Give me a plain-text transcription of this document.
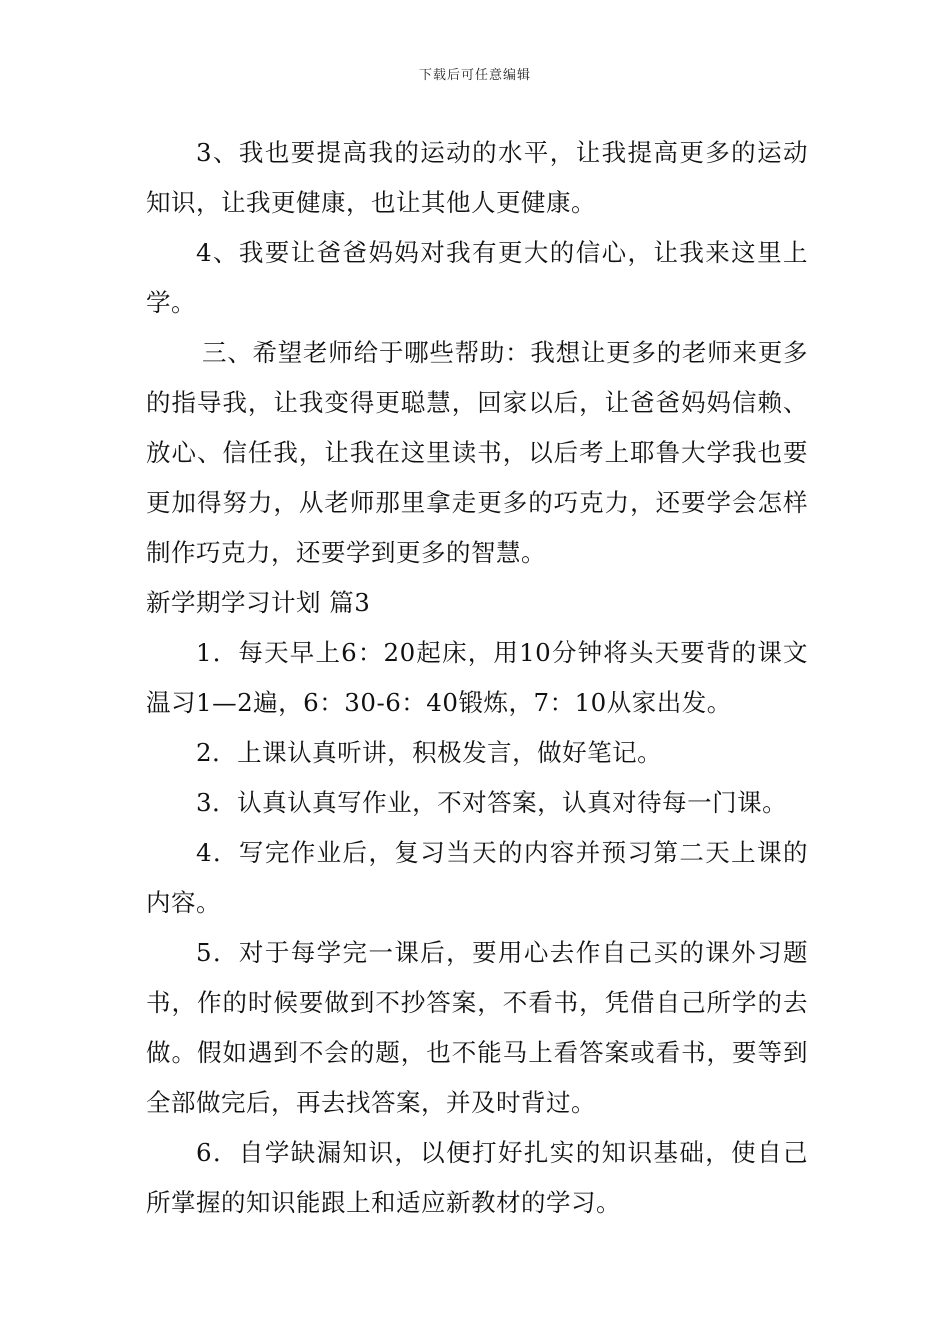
下载后可任意编辑

3、我也要提高我的运动的水平，让我提高更多的运动知识，让我更健康，也让其他人更健康。

4、我要让爸爸妈妈对我有更大的信心，让我来这里上学。

三、希望老师给于哪些帮助：我想让更多的老师来更多的指导我，让我变得更聪慧，回家以后，让爸爸妈妈信赖、放心、信任我，让我在这里读书，以后考上耶鲁大学我也要更加得努力，从老师那里拿走更多的巧克力，还要学会怎样制作巧克力，还要学到更多的智慧。

新学期学习计划 篇3

1．每天早上6：20起床，用10分钟将头天要背的课文温习1—2遍，6：30-6：40锻炼，7：10从家出发。

2．上课认真听讲，积极发言，做好笔记。

3．认真认真写作业，不对答案，认真对待每一门课。

4．写完作业后，复习当天的内容并预习第二天上课的内容。

5．对于每学完一课后，要用心去作自己买的课外习题书，作的时候要做到不抄答案，不看书，凭借自己所学的去做。假如遇到不会的题，也不能马上看答案或看书，要等到全部做完后，再去找答案，并及时背过。

6．自学缺漏知识，以便打好扎实的知识基础，使自己所掌握的知识能跟上和适应新教材的学习。
